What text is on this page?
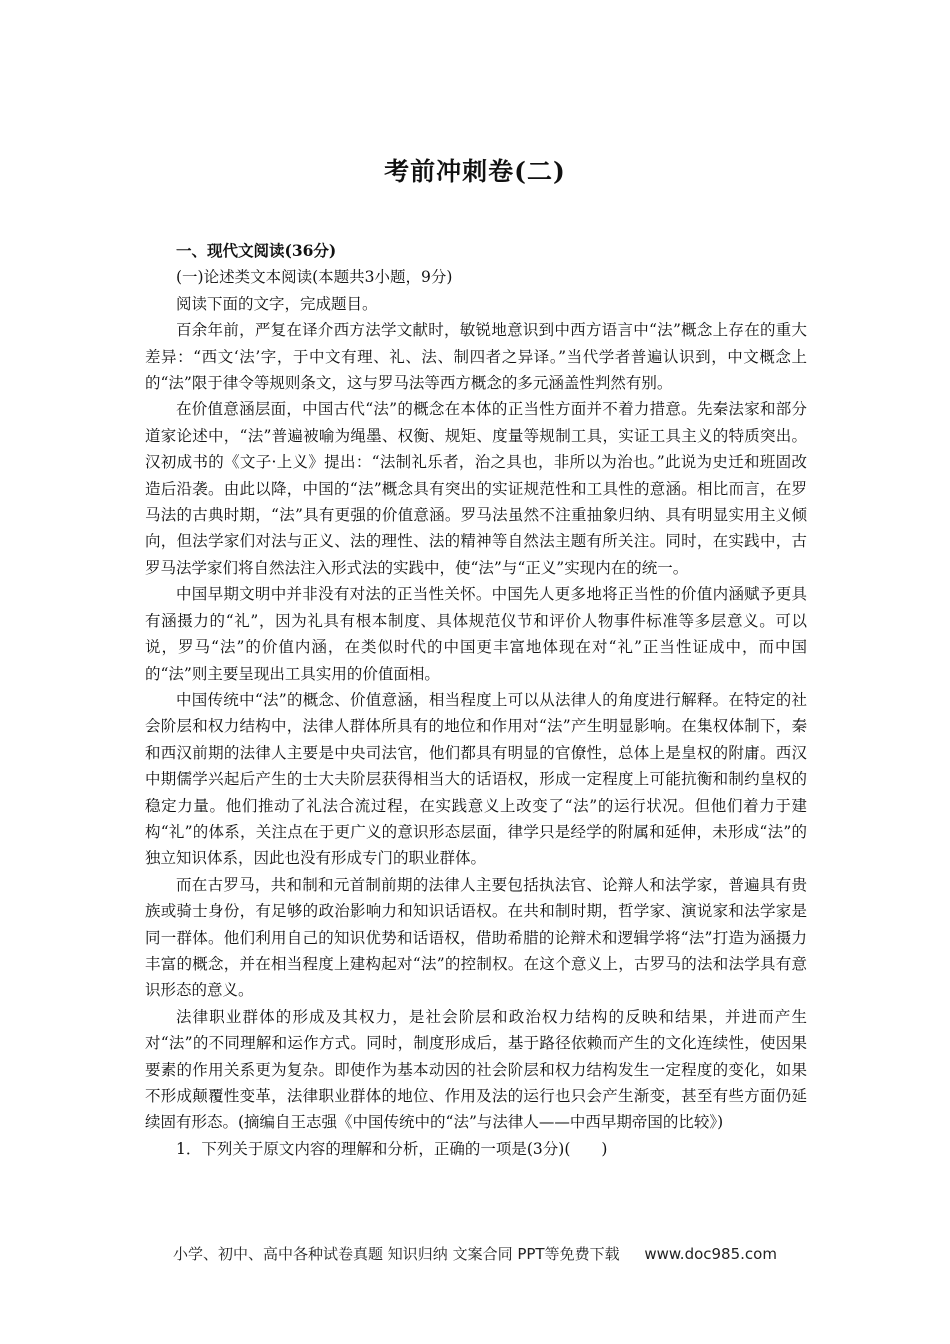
考前冲刺卷(二)

一、现代文阅读(36分)

(一)论述类文本阅读(本题共3小题，9分)

阅读下面的文字，完成题目。

百余年前，严复在译介西方法学文献时，敏锐地意识到中西方语言中“法”概念上存在的重大差异：“西文‘法’字，于中文有理、礼、法、制四者之异译。”当代学者普遍认识到，中文概念上的“法”限于律令等规则条文，这与罗马法等西方概念的多元涵盖性判然有别。

在价值意涵层面，中国古代“法”的概念在本体的正当性方面并不着力措意。先秦法家和部分道家论述中，“法”普遍被喻为绳墨、权衡、规矩、度量等规制工具，实证工具主义的特质突出。汉初成书的《文子·上义》提出：“法制礼乐者，治之具也，非所以为治也。”此说为史迁和班固改造后沿袭。由此以降，中国的“法”概念具有突出的实证规范性和工具性的意涵。相比而言，在罗马法的古典时期，“法”具有更强的价值意涵。罗马法虽然不注重抽象归纳、具有明显实用主义倾向，但法学家们对法与正义、法的理性、法的精神等自然法主题有所关注。同时，在实践中，古罗马法学家们将自然法注入形式法的实践中，使“法”与“正义”实现内在的统一。

中国早期文明中并非没有对法的正当性关怀。中国先人更多地将正当性的价值内涵赋予更具有涵摄力的“礼”，因为礼具有根本制度、具体规范仪节和评价人物事件标准等多层意义。可以说，罗马“法”的价值内涵，在类似时代的中国更丰富地体现在对“礼”正当性证成中，而中国的“法”则主要呈现出工具实用的价值面相。

中国传统中“法”的概念、价值意涵，相当程度上可以从法律人的角度进行解释。在特定的社会阶层和权力结构中，法律人群体所具有的地位和作用对“法”产生明显影响。在集权体制下，秦和西汉前期的法律人主要是中央司法官，他们都具有明显的官僚性，总体上是皇权的附庸。西汉中期儒学兴起后产生的士大夫阶层获得相当大的话语权，形成一定程度上可能抗衡和制约皇权的稳定力量。他们推动了礼法合流过程，在实践意义上改变了“法”的运行状况。但他们着力于建构“礼”的体系，关注点在于更广义的意识形态层面，律学只是经学的附属和延伸，未形成“法”的独立知识体系，因此也没有形成专门的职业群体。

而在古罗马，共和制和元首制前期的法律人主要包括执法官、论辩人和法学家，普遍具有贵族或骑士身份，有足够的政治影响力和知识话语权。在共和制时期，哲学家、演说家和法学家是同一群体。他们利用自己的知识优势和话语权，借助希腊的论辩术和逻辑学将“法”打造为涵摄力丰富的概念，并在相当程度上建构起对“法”的控制权。在这个意义上，古罗马的法和法学具有意识形态的意义。

法律职业群体的形成及其权力，是社会阶层和政治权力结构的反映和结果，并进而产生对“法”的不同理解和运作方式。同时，制度形成后，基于路径依赖而产生的文化连续性，使因果要素的作用关系更为复杂。即使作为基本动因的社会阶层和权力结构发生一定程度的变化，如果不形成颠覆性变革，法律职业群体的地位、作用及法的运行也只会产生渐变，甚至有些方面仍延续固有形态。(摘编自王志强《中国传统中的“法”与法律人——中西早期帝国的比较》)

1．下列关于原文内容的理解和分析，正确的一项是(3分)(　　)

小学、初中、高中各种试卷真题 知识归纳 文案合同 PPT等免费下载 www.doc985.com
